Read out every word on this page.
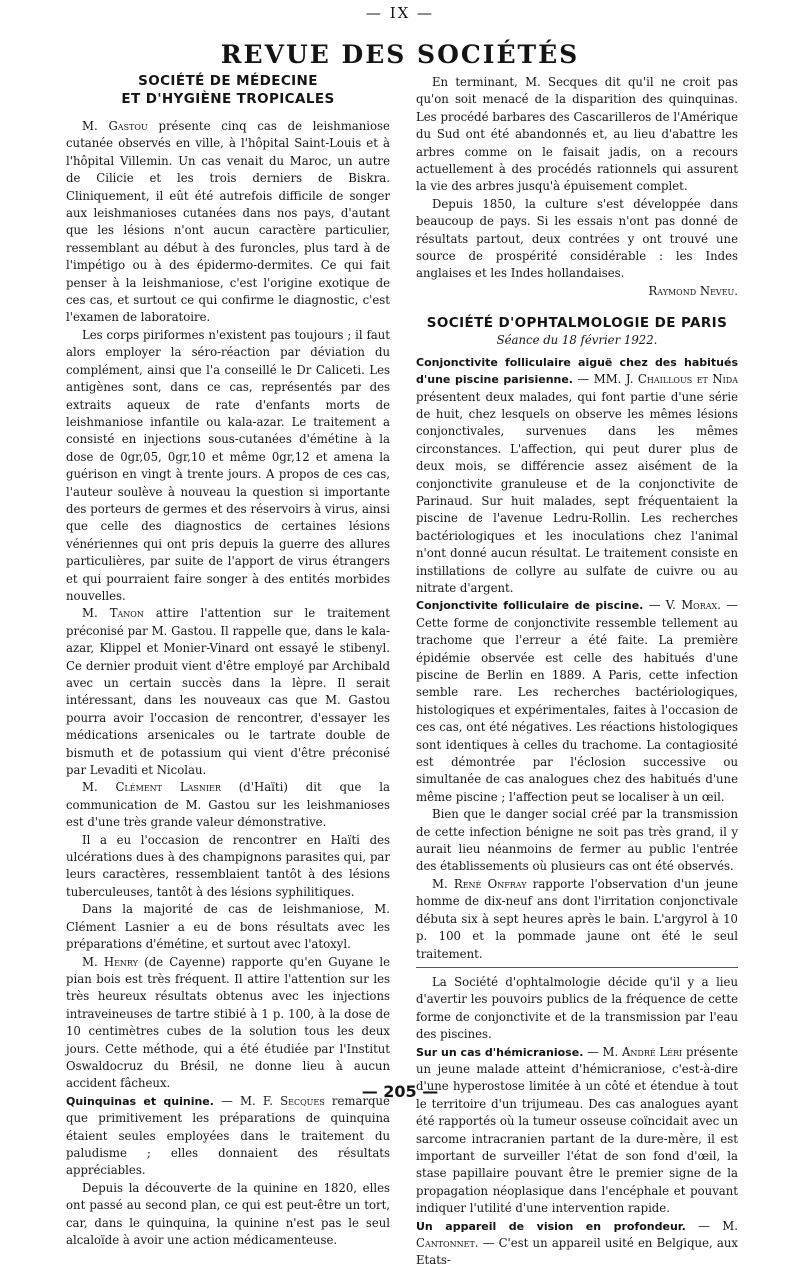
— IX —
REVUE DES SOCIÉTÉS
SOCIÉTÉ DE MÉDECINE
ET D'HYGIÈNE TROPICALES

M. Gastou présente cinq cas de leishmaniose cutanée observés en ville, à l'hôpital Saint-Louis et à l'hôpital Villemin. Un cas venait du Maroc, un autre de Cilicie et les trois derniers de Biskra. Cliniquement, il eût été autrefois difficile de songer aux leishmanioses cutanées dans nos pays, d'autant que les lésions n'ont aucun caractère particulier, ressemblant au début à des furoncles, plus tard à de l'impétigo ou à des épidermo-dermites. Ce qui fait penser à la leishmaniose, c'est l'origine exotique de ces cas, et surtout ce qui confirme le diagnostic, c'est l'examen de laboratoire.

Les corps piriformes n'existent pas toujours ; il faut alors employer la séro-réaction par déviation du complément, ainsi que l'a conseillé le Dr Caliceti. Les antigènes sont, dans ce cas, représentés par des extraits aqueux de rate d'enfants morts de leishmaniose infantile ou kala-azar. Le traitement a consisté en injections sous-cutanées d'émétine à la dose de 0gr,05, 0gr,10 et même 0gr,12 et amena la guérison en vingt à trente jours. A propos de ces cas, l'auteur soulève à nouveau la question si importante des porteurs de germes et des réservoirs à virus, ainsi que celle des diagnostics de certaines lésions vénériennes qui ont pris depuis la guerre des allures particulières, par suite de l'apport de virus étrangers et qui pourraient faire songer à des entités morbides nouvelles.

M. Tanon attire l'attention sur le traitement préconisé par M. Gastou. Il rappelle que, dans le kala-azar, Klippel et Monier-Vinard ont essayé le stibenyl. Ce dernier produit vient d'être employé par Archibald avec un certain succès dans la lèpre. Il serait intéressant, dans les nouveaux cas que M. Gastou pourra avoir l'occasion de rencontrer, d'essayer les médications arsenicales ou le tartrate double de bismuth et de potassium qui vient d'être préconisé par Levaditi et Nicolau.

M. Clément Lasnier (d'Haïti) dit que la communication de M. Gastou sur les leishmanioses est d'une très grande valeur démonstrative.

Il a eu l'occasion de rencontrer en Haïti des ulcérations dues à des champignons parasites qui, par leurs caractères, ressemblaient tantôt à des lésions tuberculeuses, tantôt à des lésions syphilitiques.

Dans la majorité de cas de leishmaniose, M. Clément Lasnier a eu de bons résultats avec les préparations d'émétine, et surtout avec l'atoxyl.

M. Henry (de Cayenne) rapporte qu'en Guyane le pian bois est très fréquent. Il attire l'attention sur les très heureux résultats obtenus avec les injections intraveineuses de tartre stibié à 1 p. 100, à la dose de 10 centimètres cubes de la solution tous les deux jours. Cette méthode, qui a été étudiée par l'Institut Oswaldocruz du Brésil, ne donne lieu à aucun accident fâcheux.

Quinquinas et quinine. — M. F. Secques remarque que primitivement les préparations de quinquina étaient seules employées dans le traitement du paludisme ; elles donnaient des résultats appréciables.

Depuis la découverte de la quinine en 1820, elles ont passé au second plan, ce qui est peut-être un tort, car, dans le quinquina, la quinine n'est pas le seul alcaloïde à avoir une action médicamenteuse.

En terminant, M. Secques dit qu'il ne croit pas qu'on soit menacé de la disparition des quinquinas. Les procédé barbares des Cascarilleros de l'Amérique du Sud ont été abandonnés et, au lieu d'abattre les arbres comme on le faisait jadis, on a recours actuellement à des procédés rationnels qui assurent la vie des arbres jusqu'à épuisement complet.

Depuis 1850, la culture s'est développée dans beaucoup de pays. Si les essais n'ont pas donné de résultats partout, deux contrées y ont trouvé une source de prospérité considérable : les Indes anglaises et les Indes hollandaises.
Raymond Neveu.

SOCIÉTÉ D'OPHTALMOLOGIE DE PARIS
Séance du 18 février 1922.

Conjonctivite folliculaire aiguë chez des habitués d'une piscine parisienne. — MM. J. Chaillous et Nida présentent deux malades, qui font partie d'une série de huit, chez lesquels on observe les mêmes lésions conjonctivales, survenues dans les mêmes circonstances. L'affection, qui peut durer plus de deux mois, se différencie assez aisément de la conjonctivite granuleuse et de la conjonctivite de Parinaud. Sur huit malades, sept fréquentaient la piscine de l'avenue Ledru-Rollin. Les recherches bactériologiques et les inoculations chez l'animal n'ont donné aucun résultat. Le traitement consiste en instillations de collyre au sulfate de cuivre ou au nitrate d'argent.

Conjonctivite folliculaire de piscine. — V. Morax. — Cette forme de conjonctivite ressemble tellement au trachome que l'erreur a été faite. La première épidémie observée est celle des habitués d'une piscine de Berlin en 1889. A Paris, cette infection semble rare. Les recherches bactériologiques, histologiques et expérimentales, faites à l'occasion de ces cas, ont été négatives. Les réactions histologiques sont identiques à celles du trachome. La contagiosité est démontrée par l'éclosion successive ou simultanée de cas analogues chez des habitués d'une même piscine ; l'affection peut se localiser à un œil.

Bien que le danger social créé par la transmission de cette infection bénigne ne soit pas très grand, il y aurait lieu néanmoins de fermer au public l'entrée des établissements où plusieurs cas ont été observés.

M. René Onfray rapporte l'observation d'un jeune homme de dix-neuf ans dont l'irritation conjonctivale débuta six à sept heures après le bain. L'argyrol à 10 p. 100 et la pommade jaune ont été le seul traitement.

La Société d'ophtalmologie décide qu'il y a lieu d'avertir les pouvoirs publics de la fréquence de cette forme de conjonctivite et de la transmission par l'eau des piscines.

Sur un cas d'hémicraniose. — M. André Léri présente un jeune malade atteint d'hémicraniose, c'est-à-dire d'une hyperostose limitée à un côté et étendue à tout le territoire d'un trijumeau. Des cas analogues ayant été rapportés où la tumeur osseuse coïncidait avec un sarcome intracranien partant de la dure-mère, il est important de surveiller l'état de son fond d'œil, la stase papillaire pouvant être le premier signe de la propagation néoplasique dans l'encéphale et pouvant indiquer l'utilité d'une intervention rapide.

Un appareil de vision en profondeur. — M. Cantonnet. — C'est un appareil usité en Belgique, aux Etats-

— 205 —
